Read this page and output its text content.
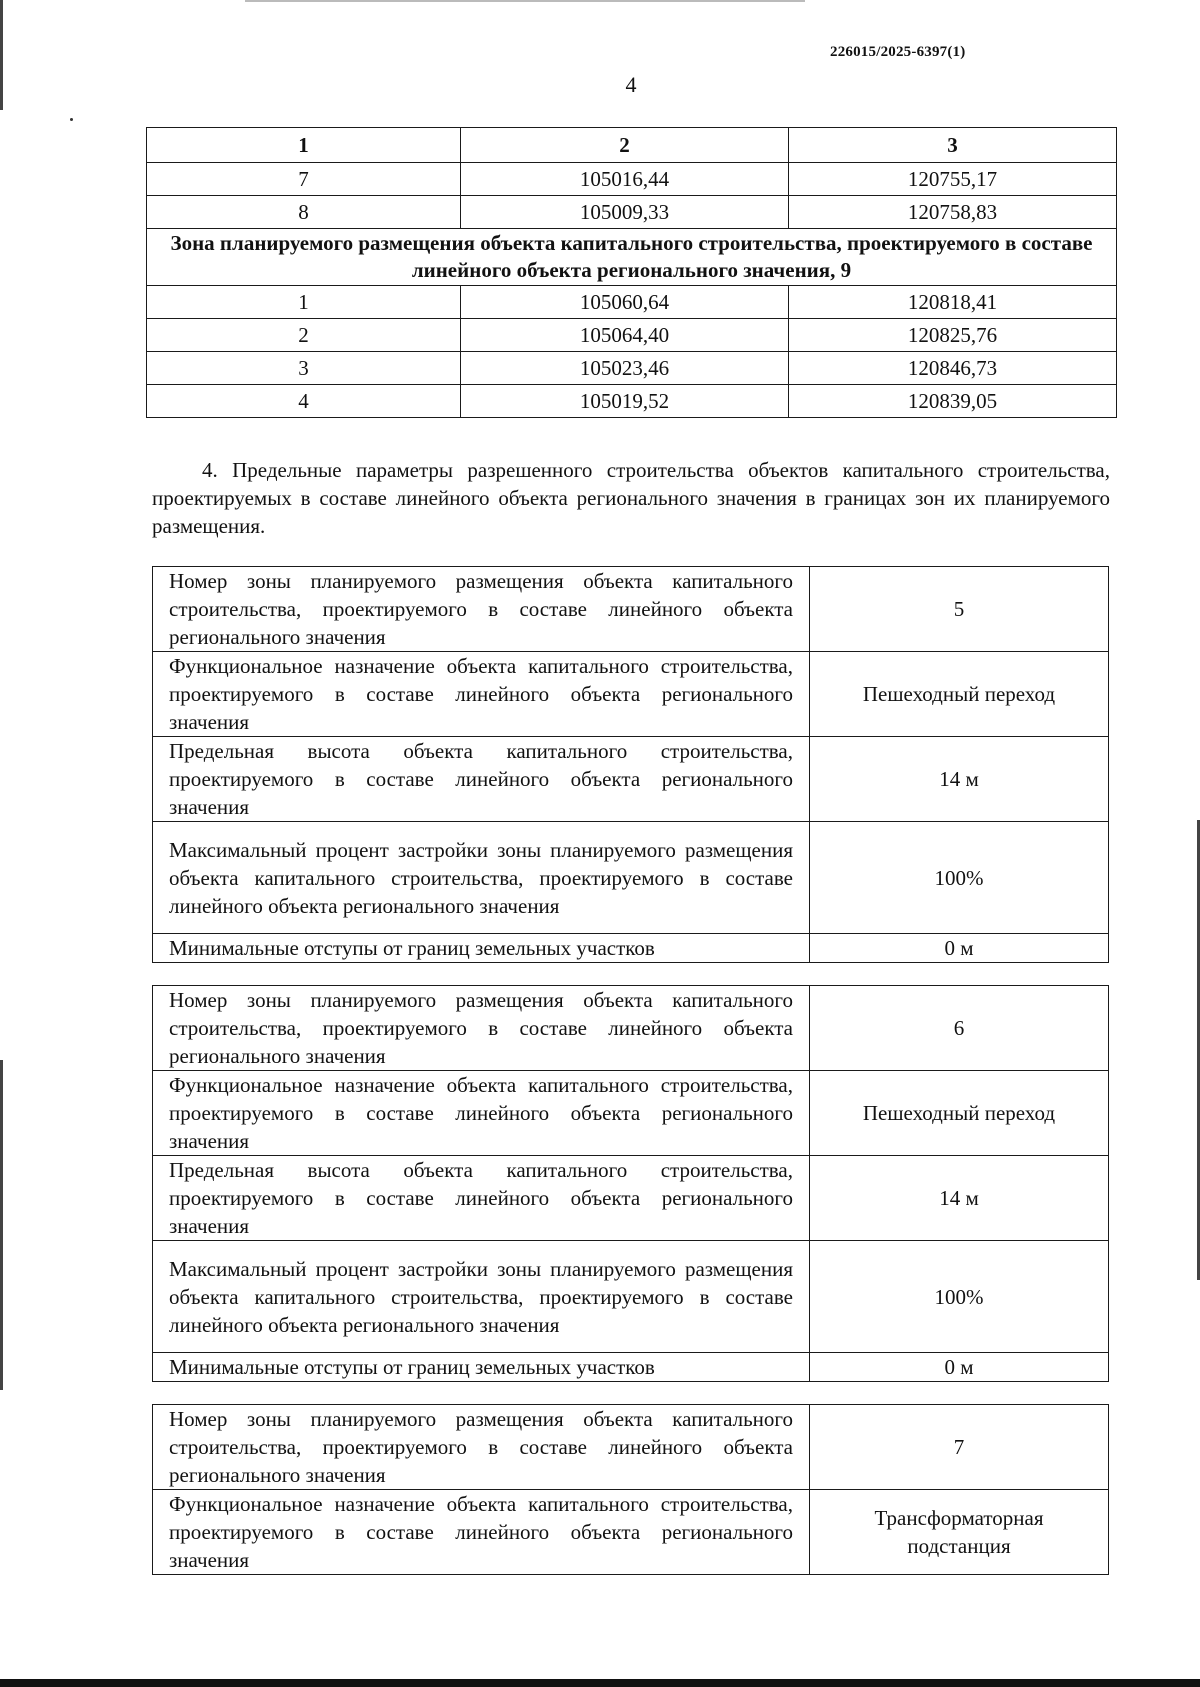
226015/2025-6397(1)
4
1	2	3
7	105016,44	120755,17
8	105009,33	120758,83
Зона планируемого размещения объекта капитального строительства, проектируемого в составе линейного объекта регионального значения, 9		
1	105060,64	120818,41
2	105064,40	120825,76
3	105023,46	120846,73
4	105019,52	120839,05
4. Предельные параметры разрешенного строительства объектов капитального строительства, проектируемых в составе линейного объекта регионального значения в границах зон их планируемого размещения.
Номер зоны планируемого размещения объекта капитального строительства, проектируемого в составе линейного объекта регионального значения	5
Функциональное назначение объекта капитального строительства, проектируемого в составе линейного объекта регионального значения	Пешеходный переход
Предельная высота объекта капитального строительства, проектируемого в составе линейного объекта регионального значения	14 м
Максимальный процент застройки зоны планируемого размещения объекта капитального строительства, проектируемого в составе линейного объекта регионального значения	100%
Минимальные отступы от границ земельных участков	0 м
Номер зоны планируемого размещения объекта капитального строительства, проектируемого в составе линейного объекта регионального значения	6
Функциональное назначение объекта капитального строительства, проектируемого в составе линейного объекта регионального значения	Пешеходный переход
Предельная высота объекта капитального строительства, проектируемого в составе линейного объекта регионального значения	14 м
Максимальный процент застройки зоны планируемого размещения объекта капитального строительства, проектируемого в составе линейного объекта регионального значения	100%
Минимальные отступы от границ земельных участков	0 м
Номер зоны планируемого размещения объекта капитального строительства, проектируемого в составе линейного объекта регионального значения	7
Функциональное назначение объекта капитального строительства, проектируемого в составе линейного объекта регионального значения	Трансформаторная подстанция
